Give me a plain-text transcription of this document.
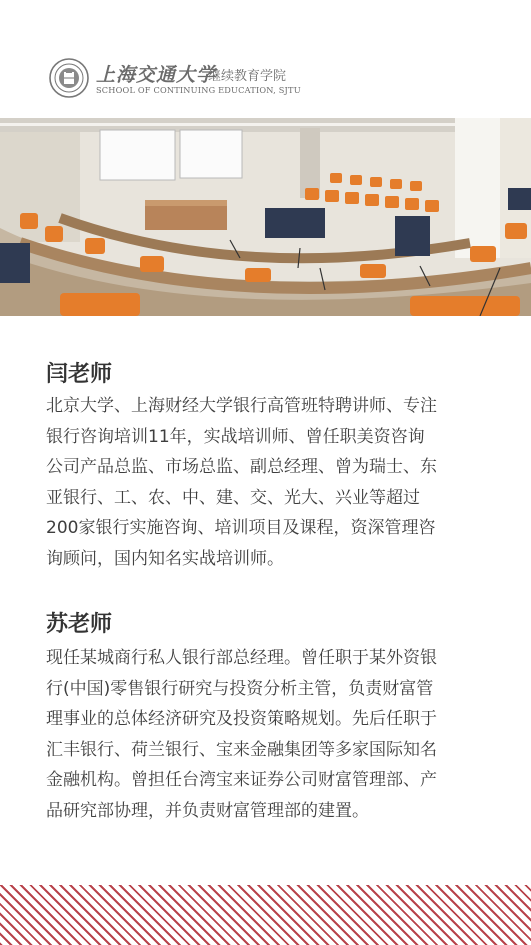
上海交通大学
继续教育学院
SCHOOL OF CONTINUING EDUCATION, SJTU
闫老师
北京大学、上海财经大学银行高管班特聘讲师、专注
银行咨询培训11年，实战培训师、曾任职美资咨询
公司产品总监、市场总监、副总经理、曾为瑞士、东
亚银行、工、农、中、建、交、光大、兴业等超过
200家银行实施咨询、培训项目及课程，资深管理咨
询顾问，国内知名实战培训师。
苏老师
现任某城商行私人银行部总经理。曾任职于某外资银
行(中国)零售银行研究与投资分析主管，负责财富管
理事业的总体经济研究及投资策略规划。先后任职于
汇丰银行、荷兰银行、宝来金融集团等多家国际知名
金融机构。曾担任台湾宝来证券公司财富管理部、产
品研究部协理，并负责财富管理部的建置。
